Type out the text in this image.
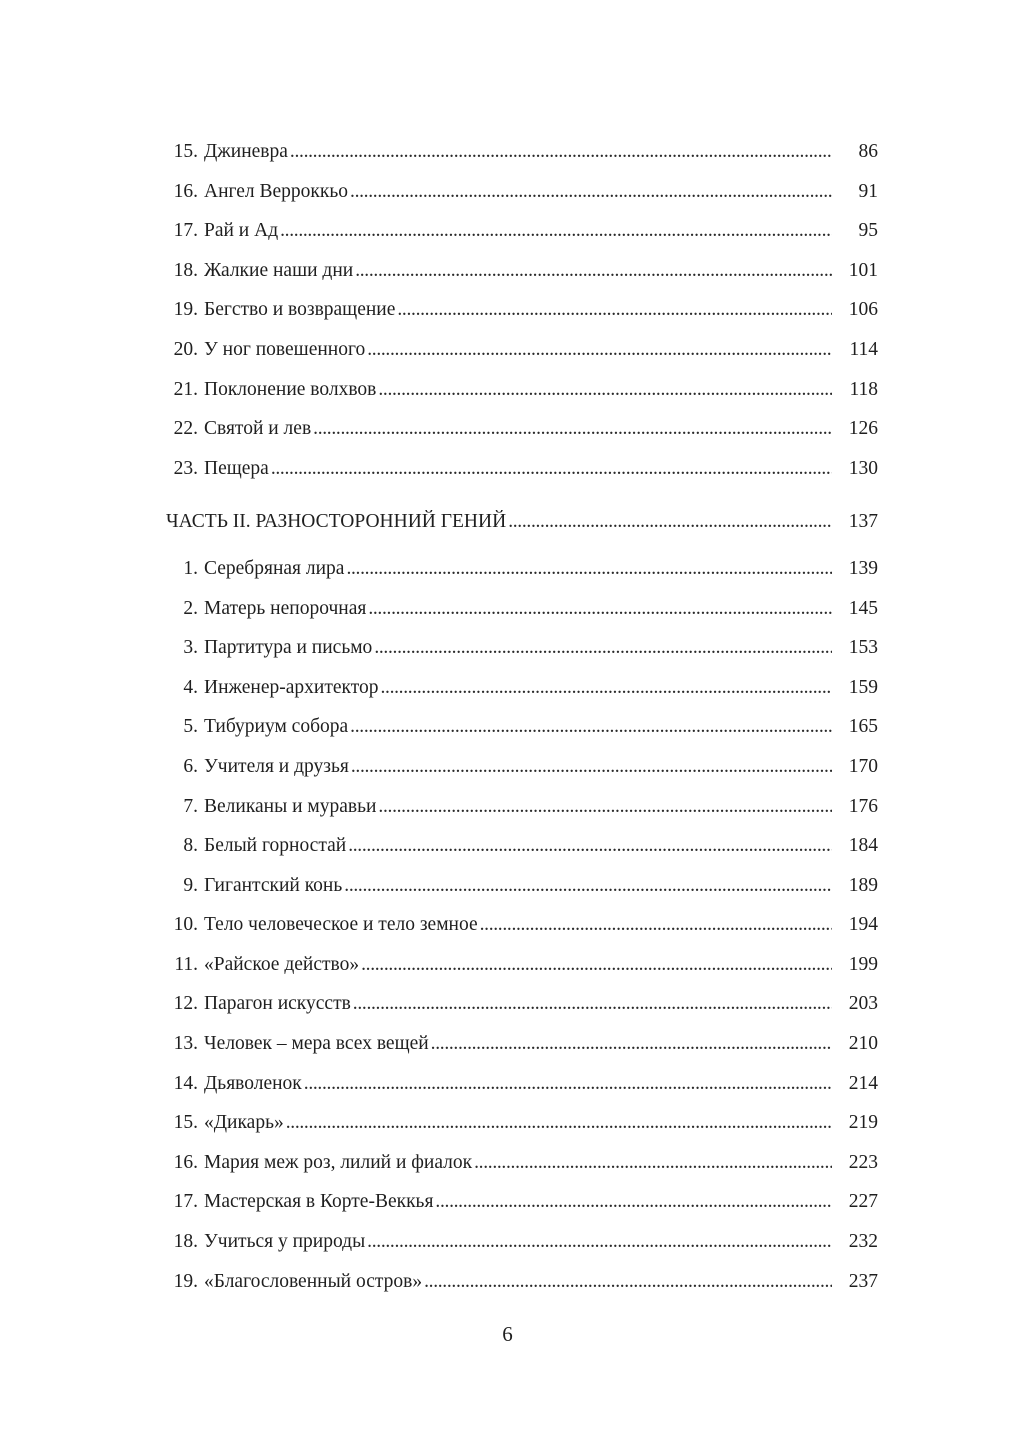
15. Джиневра . . .	86
16. Ангел Верроккьо . . .	91
17. Рай и Ад . . .	95
18. Жалкие наши дни . . .	101
19. Бегство и возвращение . . .	106
20. У ног повешенного . . .	114
21. Поклонение волхвов . . .	118
22. Святой и лев . . .	126
23. Пещера . . .	130
ЧАСТЬ II. РАЗНОСТОРОННИЙ ГЕНИЙ . . .	137
1. Серебряная лира . . .	139
2. Матерь непорочная . . .	145
3. Партитура и письмо . . .	153
4. Инженер-архитектор . . .	159
5. Тибуриум собора . . .	165
6. Учителя и друзья . . .	170
7. Великаны и муравьи . . .	176
8. Белый горностай . . .	184
9. Гигантский конь . . .	189
10. Тело человеческое и тело земное . . .	194
11. «Райское действо» . . .	199
12. Парагон искусств . . .	203
13. Человек – мера всех вещей . . .	210
14. Дьяволенок . . .	214
15. «Дикарь» . . .	219
16. Мария меж роз, лилий и фиалок . . .	223
17. Мастерская в Корте-Веккья . . .	227
18. Учиться у природы . . .	232
19. «Благословенный остров» . . .	237
6
